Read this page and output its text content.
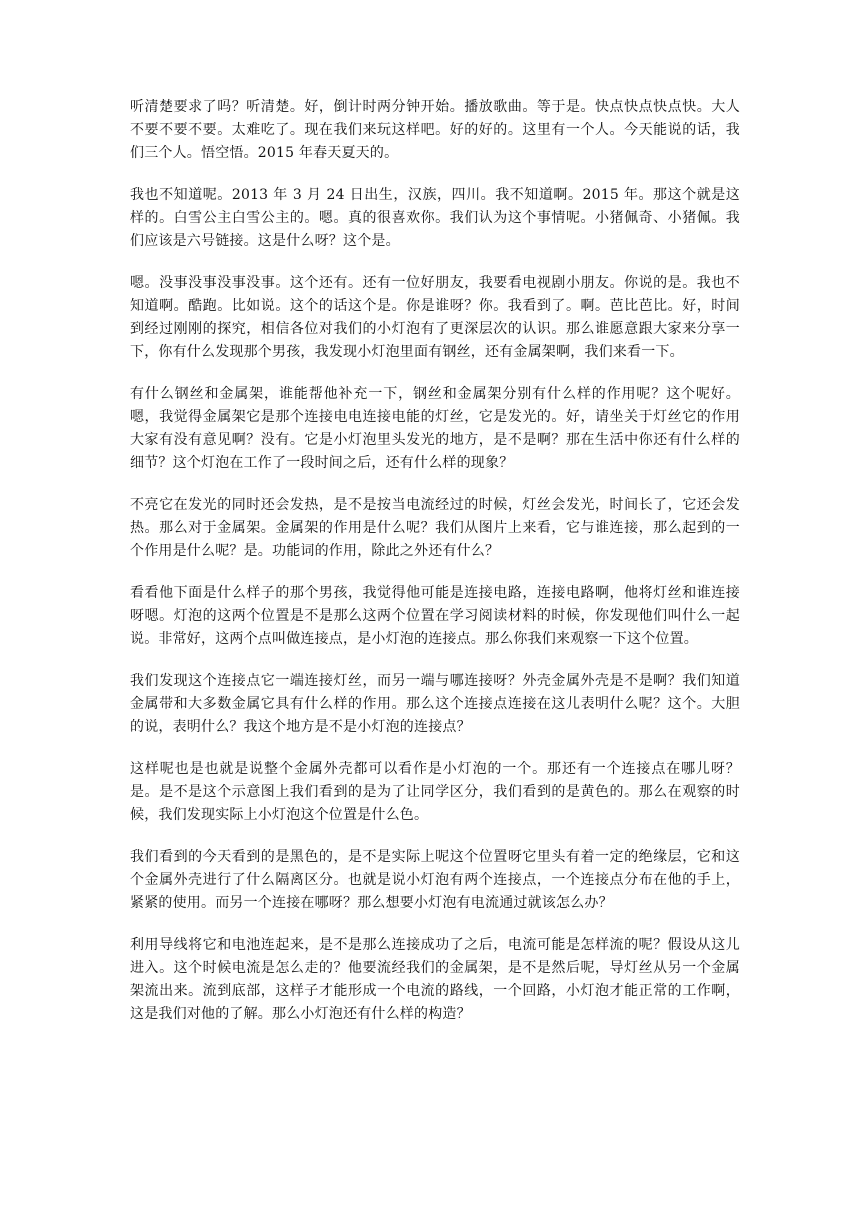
听清楚要求了吗？听清楚。好，倒计时两分钟开始。播放歌曲。等于是。快点快点快点快。大人不要不要不要。太难吃了。现在我们来玩这样吧。好的好的。这里有一个人。今天能说的话，我们三个人。悟空悟。2015 年春天夏天的。

我也不知道呢。2013 年 3 月 24 日出生，汉族，四川。我不知道啊。2015 年。那这个就是这样的。白雪公主白雪公主的。嗯。真的很喜欢你。我们认为这个事情呢。小猪佩奇、小猪佩。我们应该是六号链接。这是什么呀？这个是。

嗯。没事没事没事没事。这个还有。还有一位好朋友，我要看电视剧小朋友。你说的是。我也不知道啊。酷跑。比如说。这个的话这个是。你是谁呀？你。我看到了。啊。芭比芭比。好，时间到经过刚刚的探究，相信各位对我们的小灯泡有了更深层次的认识。那么谁愿意跟大家来分享一下，你有什么发现那个男孩，我发现小灯泡里面有钢丝，还有金属架啊，我们来看一下。

有什么钢丝和金属架，谁能帮他补充一下，钢丝和金属架分别有什么样的作用呢？这个呢好。嗯，我觉得金属架它是那个连接电电连接电能的灯丝，它是发光的。好，请坐关于灯丝它的作用大家有没有意见啊？没有。它是小灯泡里头发光的地方，是不是啊？那在生活中你还有什么样的细节？这个灯泡在工作了一段时间之后，还有什么样的现象？

不亮它在发光的同时还会发热，是不是按当电流经过的时候，灯丝会发光，时间长了，它还会发热。那么对于金属架。金属架的作用是什么呢？我们从图片上来看，它与谁连接，那么起到的一个作用是什么呢？是。功能词的作用，除此之外还有什么？

看看他下面是什么样子的那个男孩，我觉得他可能是连接电路，连接电路啊，他将灯丝和谁连接呀嗯。灯泡的这两个位置是不是那么这两个位置在学习阅读材料的时候，你发现他们叫什么一起说。非常好，这两个点叫做连接点，是小灯泡的连接点。那么你我们来观察一下这个位置。

我们发现这个连接点它一端连接灯丝，而另一端与哪连接呀？外壳金属外壳是不是啊？我们知道金属带和大多数金属它具有什么样的作用。那么这个连接点连接在这儿表明什么呢？这个。大胆的说，表明什么？我这个地方是不是小灯泡的连接点？

这样呢也是也就是说整个金属外壳都可以看作是小灯泡的一个。那还有一个连接点在哪儿呀？是。是不是这个示意图上我们看到的是为了让同学区分，我们看到的是黄色的。那么在观察的时候，我们发现实际上小灯泡这个位置是什么色。

我们看到的今天看到的是黑色的，是不是实际上呢这个位置呀它里头有着一定的绝缘层，它和这个金属外壳进行了什么隔离区分。也就是说小灯泡有两个连接点，一个连接点分布在他的手上，紧紧的使用。而另一个连接在哪呀？那么想要小灯泡有电流通过就该怎么办？

利用导线将它和电池连起来，是不是那么连接成功了之后，电流可能是怎样流的呢？假设从这儿进入。这个时候电流是怎么走的？他要流经我们的金属架，是不是然后呢，导灯丝从另一个金属架流出来。流到底部，这样子才能形成一个电流的路线，一个回路，小灯泡才能正常的工作啊，这是我们对他的了解。那么小灯泡还有什么样的构造？
